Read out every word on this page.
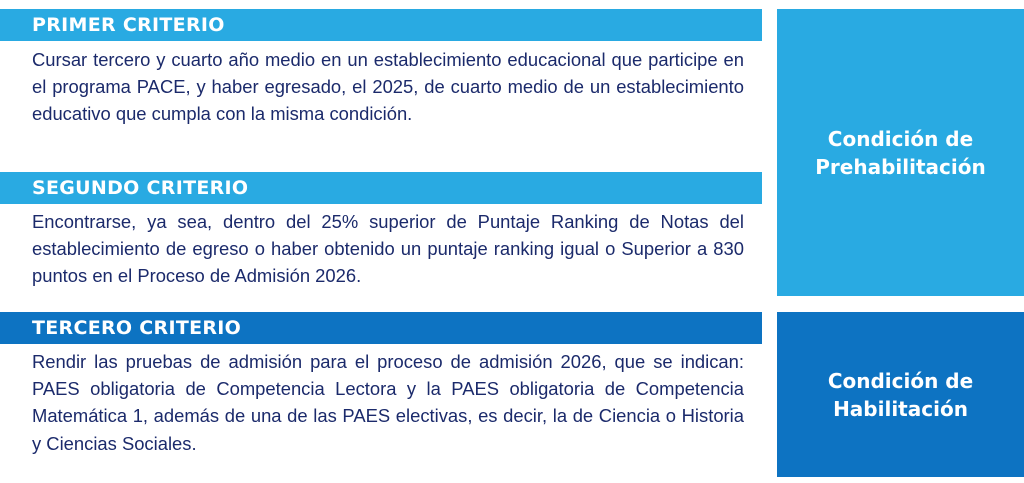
PRIMER CRITERIO

Cursar tercero y cuarto año medio en un establecimiento educacional que participe en el programa PACE, y haber egresado, el 2025, de cuarto medio de un establecimiento educativo que cumpla con la misma condición.

SEGUNDO CRITERIO

Encontrarse, ya sea, dentro del 25% superior de Puntaje Ranking de Notas del establecimiento de egreso o haber obtenido un puntaje ranking igual o Superior a 830 puntos en el Proceso de Admisión 2026.

TERCERO CRITERIO

Rendir las pruebas de admisión para el proceso de admisión 2026, que se indican: PAES obligatoria de Competencia Lectora y la PAES obligatoria de Competencia Matemática 1, además de una de las PAES electivas, es decir, la de Ciencia o Historia y Ciencias Sociales.

Condición de
Prehabilitación
Condición de
Habilitación
